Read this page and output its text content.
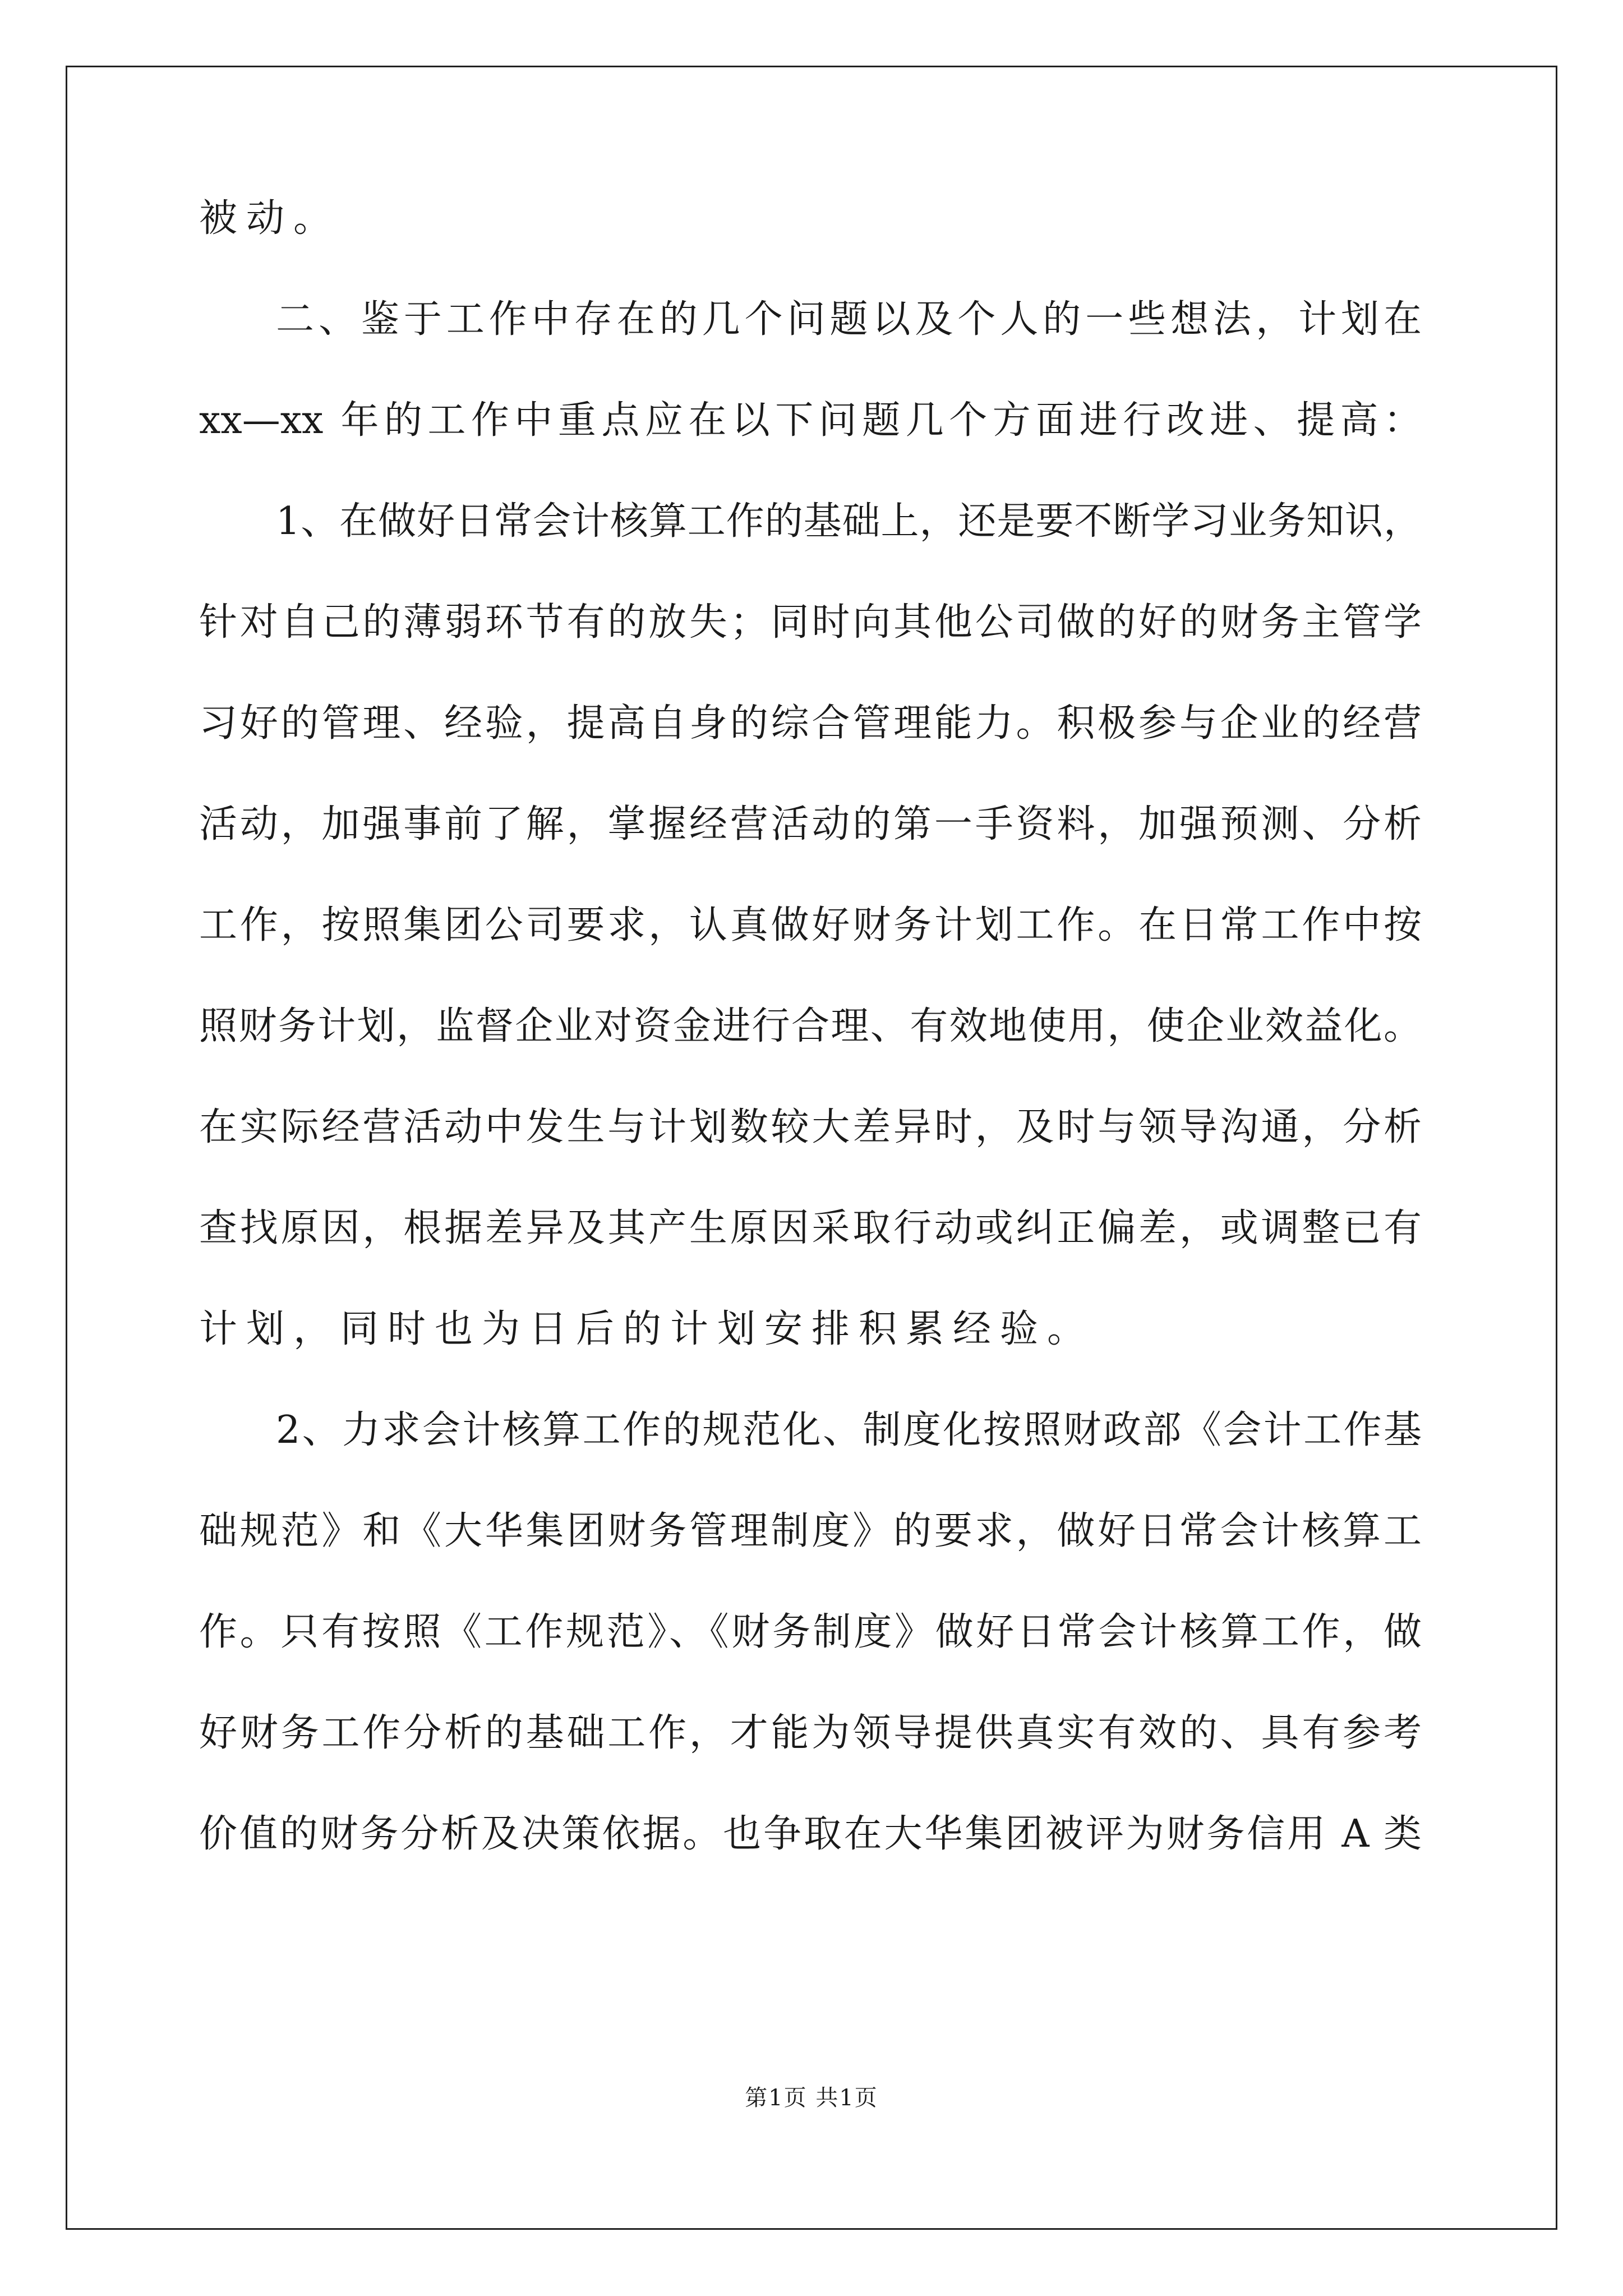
被动。
二、鉴于工作中存在的几个问题以及个人的一些想法，计划在
xx—xx 年的工作中重点应在以下问题几个方面进行改进、提高：
1、在做好日常会计核算工作的基础上，还是要不断学习业务知识，
针对自己的薄弱环节有的放失；同时向其他公司做的好的财务主管学
习好的管理、经验，提高自身的综合管理能力。积极参与企业的经营
活动，加强事前了解，掌握经营活动的第一手资料，加强预测、分析
工作，按照集团公司要求，认真做好财务计划工作。在日常工作中按
照财务计划，监督企业对资金进行合理、有效地使用，使企业效益化。
在实际经营活动中发生与计划数较大差异时，及时与领导沟通，分析
查找原因，根据差异及其产生原因采取行动或纠正偏差，或调整已有
计划，同时也为日后的计划安排积累经验。
2、力求会计核算工作的规范化、制度化按照财政部《会计工作基
础规范》和《大华集团财务管理制度》的要求，做好日常会计核算工
作。只有按照《工作规范》、《财务制度》做好日常会计核算工作，做
好财务工作分析的基础工作，才能为领导提供真实有效的、具有参考
价值的财务分析及决策依据。也争取在大华集团被评为财务信用 A 类
第1页 共1页
